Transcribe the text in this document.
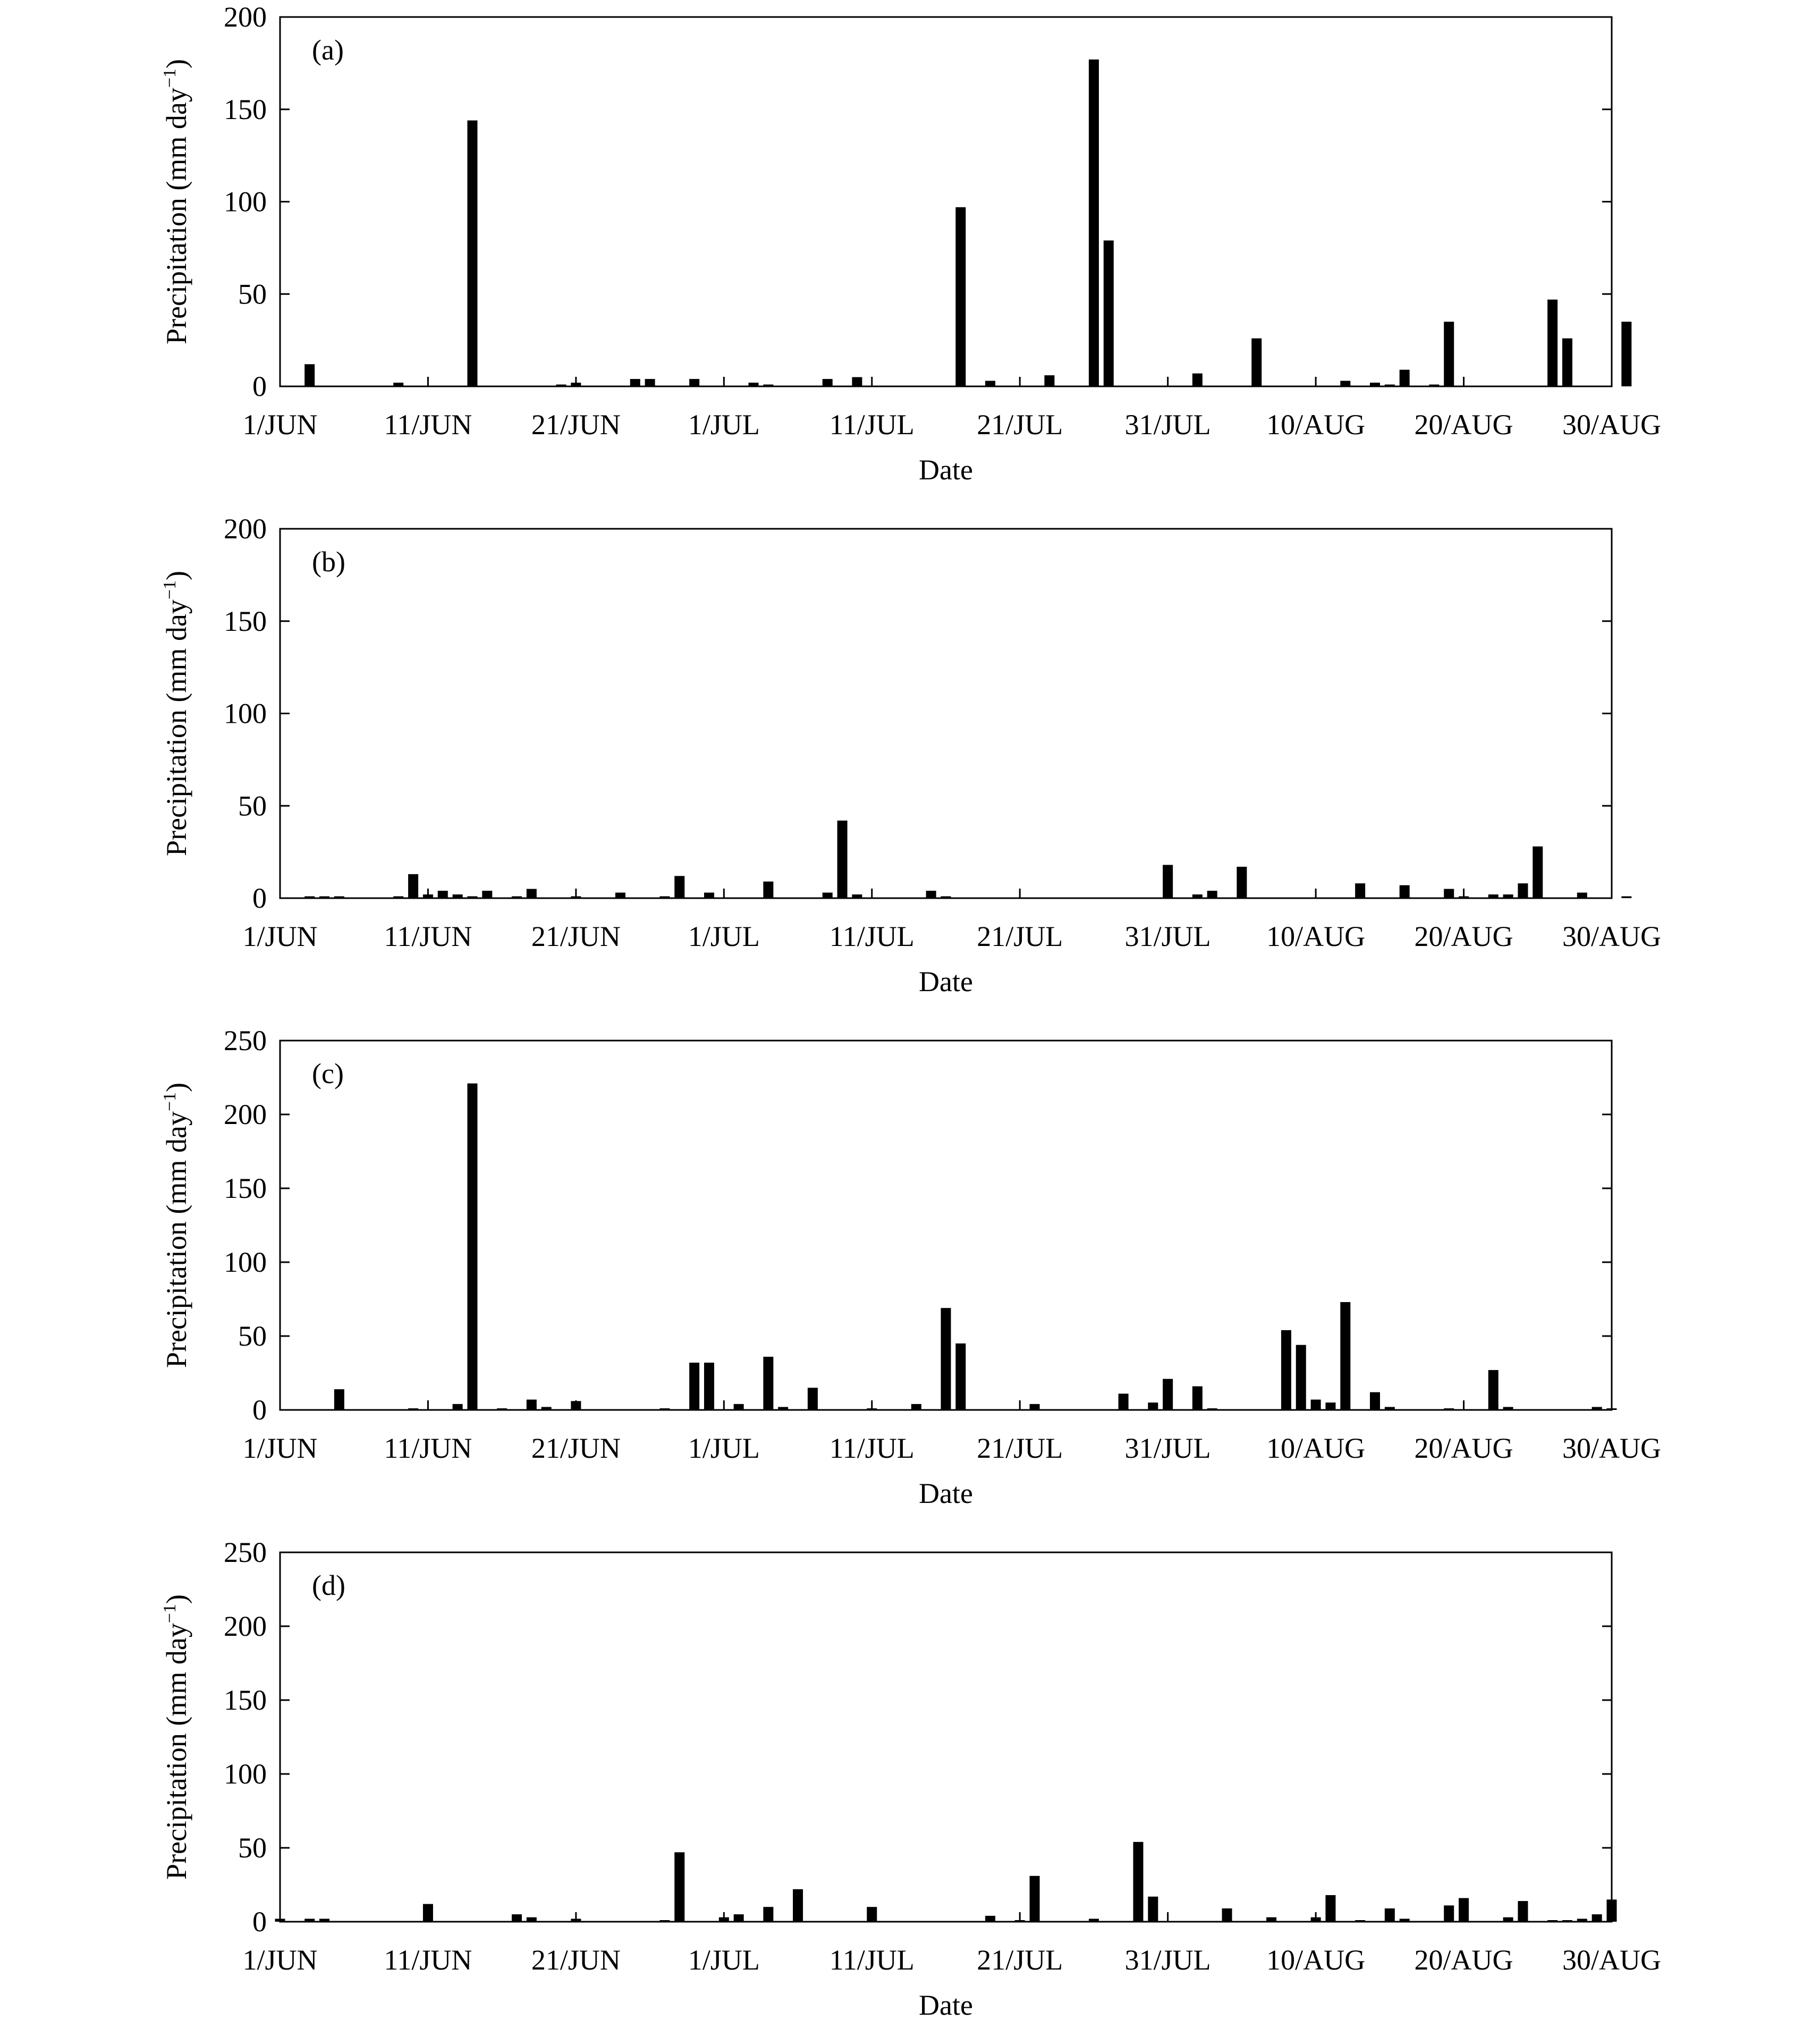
0
50
100
150
200
1/JUN 11/JUN 21/JUN 1/JUL 11/JUL 21/JUL 31/JUL 10/AUG 20/AUG 30/AUG
(a)
Date
Precipitation (mm day$^{-1}$)
0
50
100
150
200
1/JUN 11/JUN 21/JUN 1/JUL 11/JUL 21/JUL 31/JUL 10/AUG 20/AUG 30/AUG
(b)
Date
Precipitation (mm day$^{-1}$)
0
50
100
150
200
250
1/JUN 11/JUN 21/JUN 1/JUL 11/JUL 21/JUL 31/JUL 10/AUG 20/AUG 30/AUG
(c)
Date
Precipitation (mm day$^{-1}$)
0
50
100
150
200
250
1/JUN 11/JUN 21/JUN 1/JUL 11/JUL 21/JUL 31/JUL 10/AUG 20/AUG 30/AUG
(d)
Date
Precipitation (mm day$^{-1}$)
